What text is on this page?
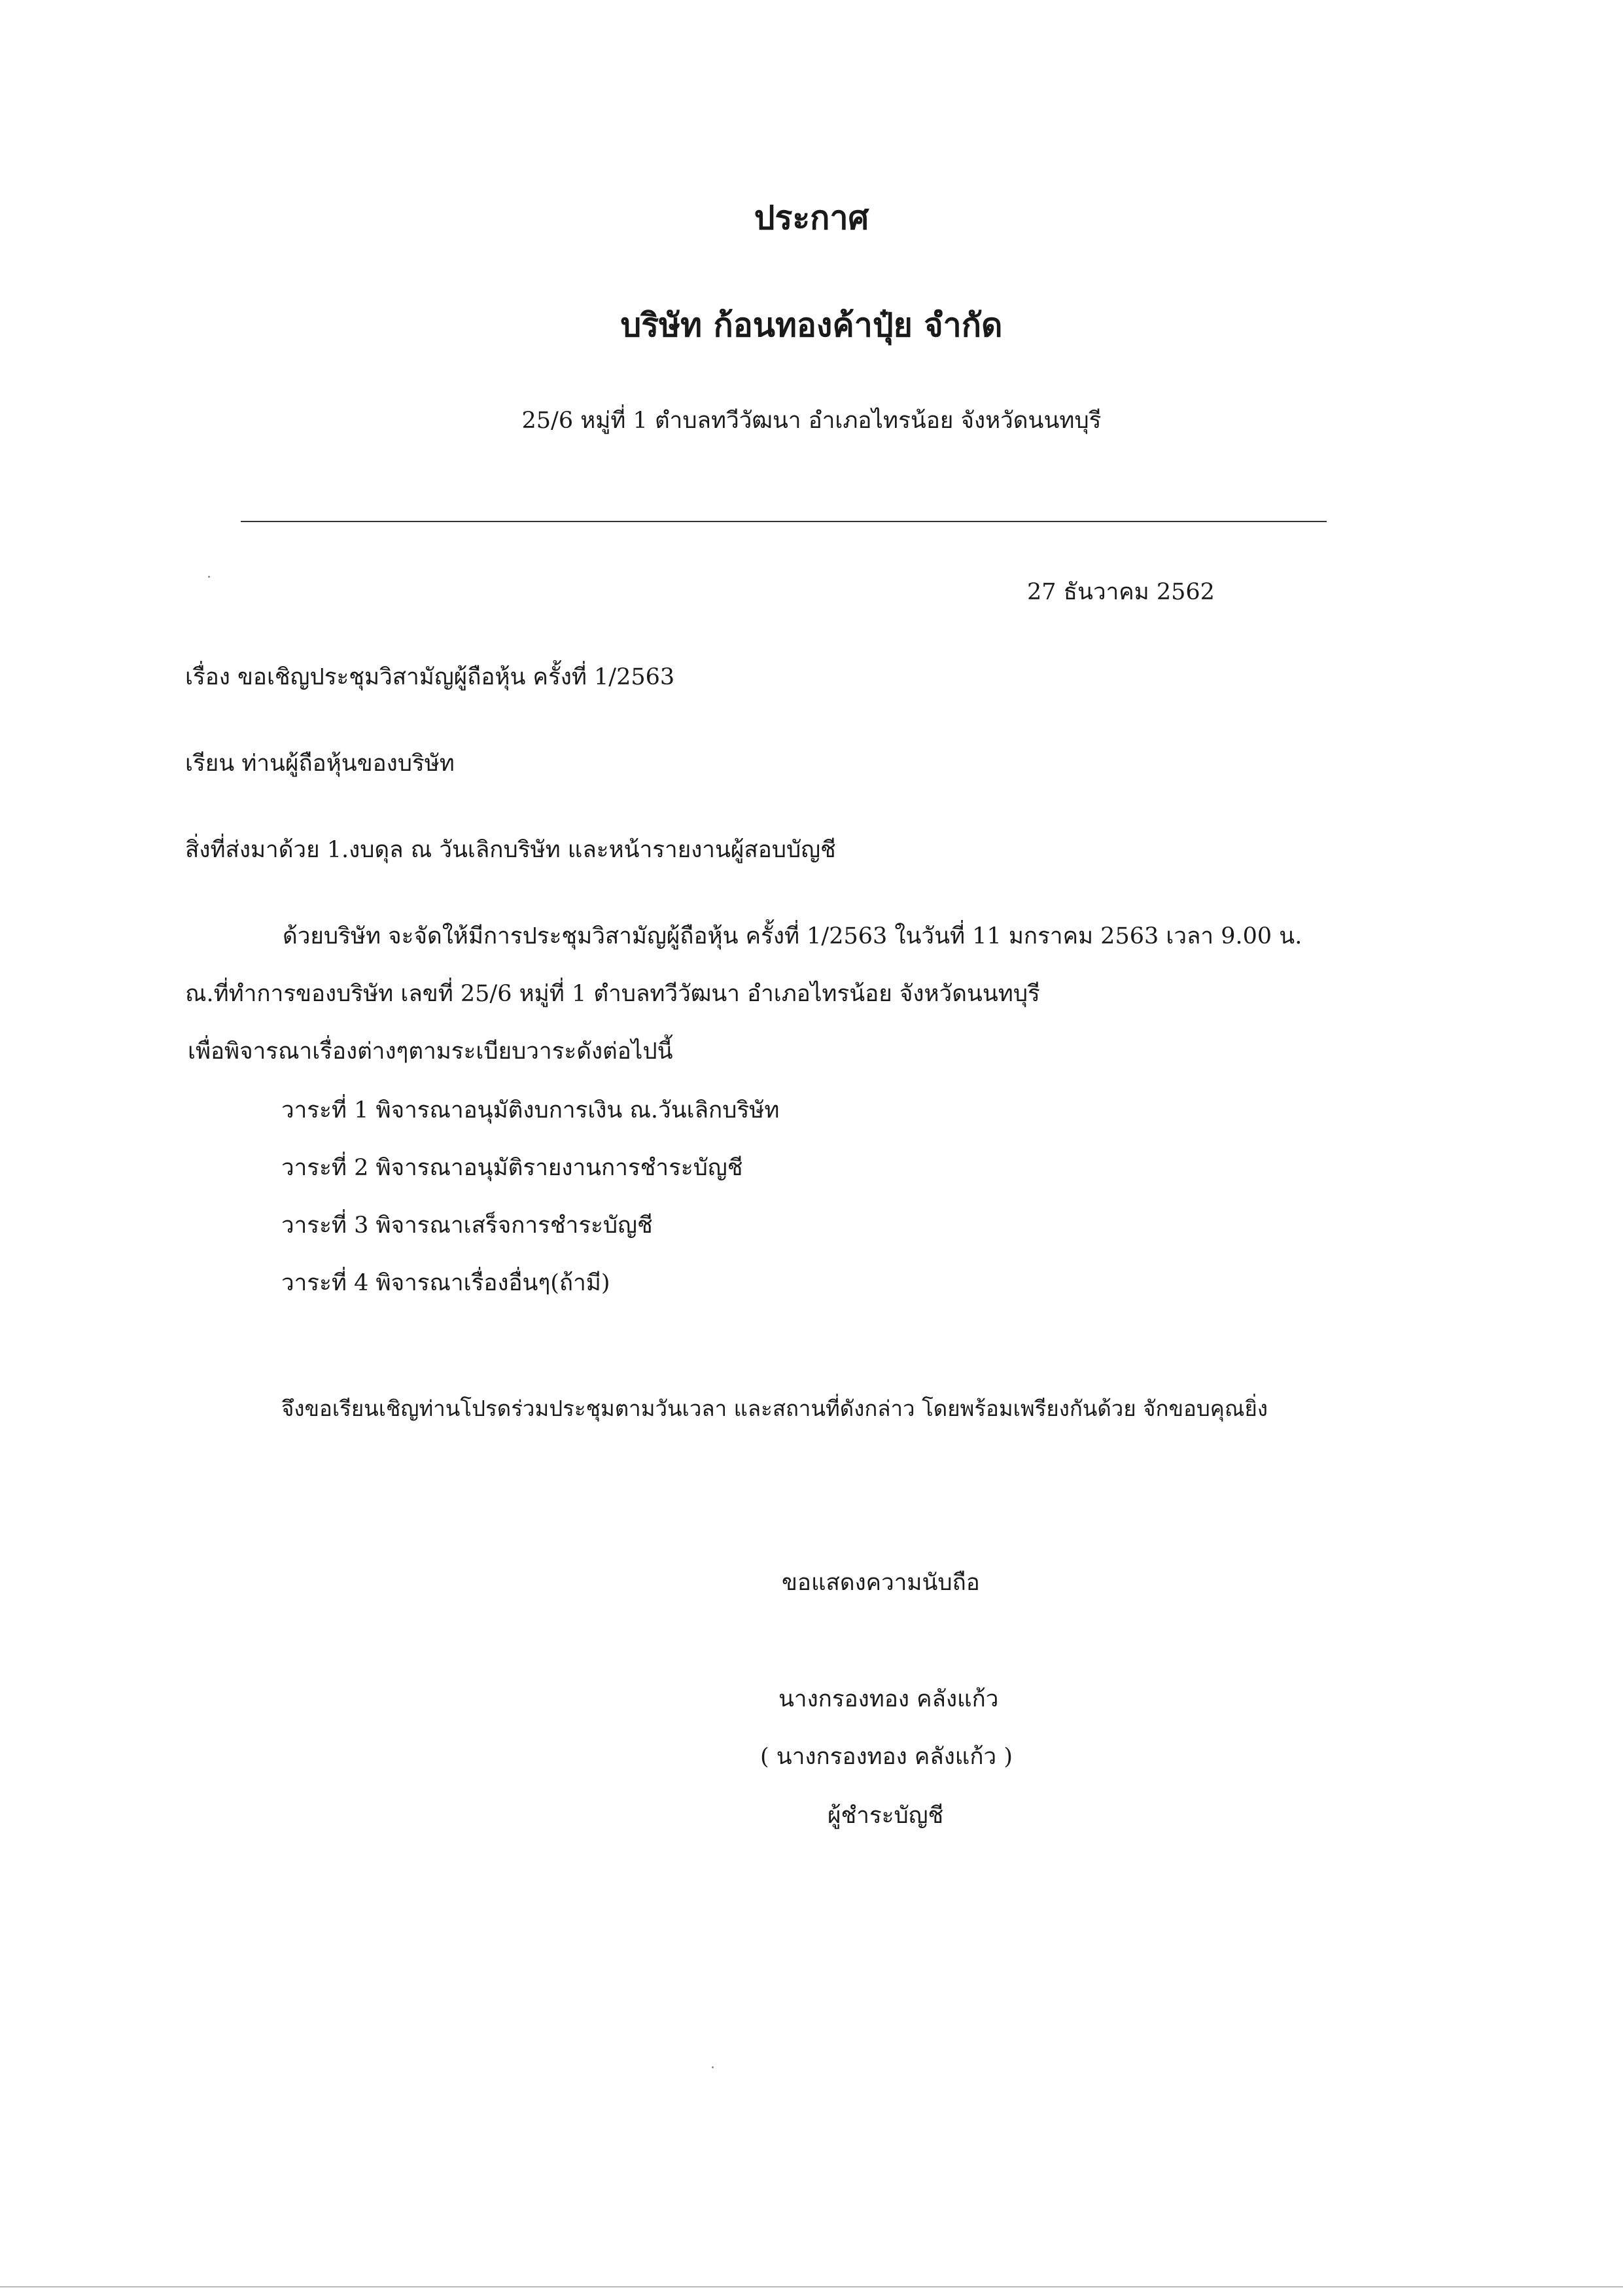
ประกาศ
บริษัท ก้อนทองค้าปุ๋ย จำกัด
25/6 หมู่ที่ 1 ตำบลทวีวัฒนา อำเภอไทรน้อย จังหวัดนนทบุรี
27 ธันวาคม 2562
เรื่อง ขอเชิญประชุมวิสามัญผู้ถือหุ้น ครั้งที่ 1/2563
เรียน ท่านผู้ถือหุ้นของบริษัท
สิ่งที่ส่งมาด้วย 1.งบดุล ณ วันเลิกบริษัท และหน้ารายงานผู้สอบบัญชี
ด้วยบริษัท จะจัดให้มีการประชุมวิสามัญผู้ถือหุ้น ครั้งที่ 1/2563 ในวันที่ 11 มกราคม 2563 เวลา 9.00 น.
ณ.ที่ทำการของบริษัท เลขที่ 25/6 หมู่ที่ 1 ตำบลทวีวัฒนา อำเภอไทรน้อย จังหวัดนนทบุรี
เพื่อพิจารณาเรื่องต่างๆตามระเบียบวาระดังต่อไปนี้
วาระที่ 1 พิจารณาอนุมัติงบการเงิน ณ.วันเลิกบริษัท
วาระที่ 2 พิจารณาอนุมัติรายงานการชำระบัญชี
วาระที่ 3 พิจารณาเสร็จการชำระบัญชี
วาระที่ 4 พิจารณาเรื่องอื่นๆ(ถ้ามี)
จึงขอเรียนเชิญท่านโปรดร่วมประชุมตามวันเวลา และสถานที่ดังกล่าว โดยพร้อมเพรียงกันด้วย จักขอบคุณยิ่ง
ขอแสดงความนับถือ
นางกรองทอง คลังแก้ว
( นางกรองทอง คลังแก้ว )
ผู้ชำระบัญชี
